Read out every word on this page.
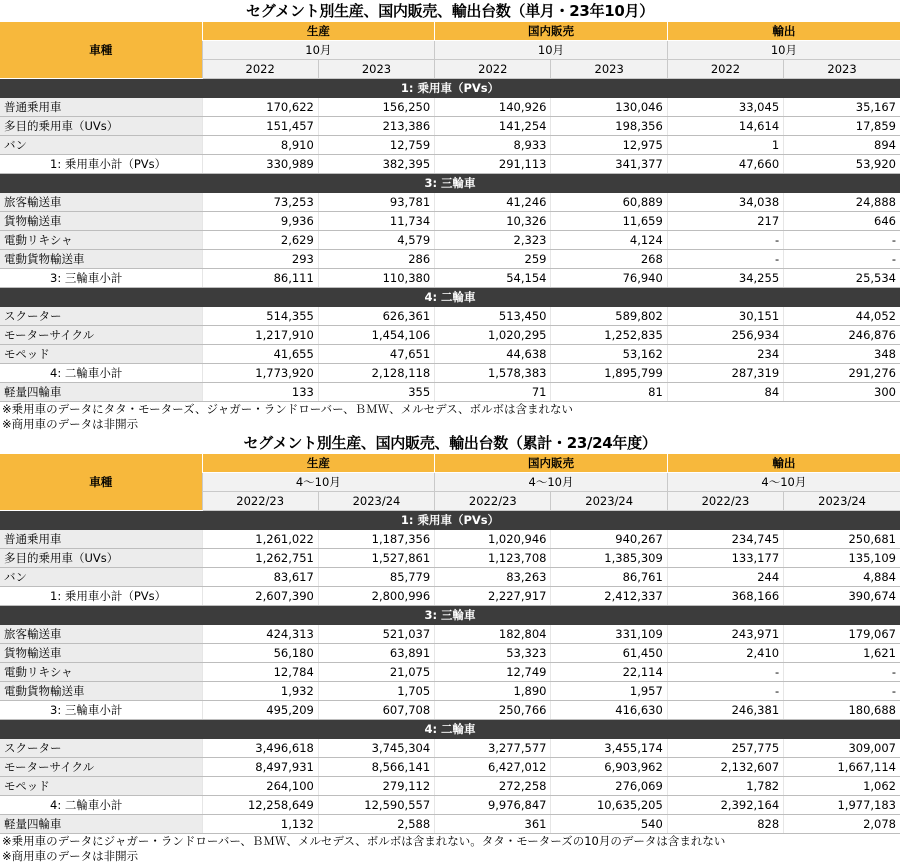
セグメント別生産、国内販売、輸出台数（単月・23年10月）
車種	生産		国内販売		輸出	
	10月		10月		10月	
	2022	2023	2022	2023	2022	2023
1: 乗用車（PVs）						
普通乗用車	170,622	156,250	140,926	130,046	33,045	35,167
多目的乗用車（UVs）	151,457	213,386	141,254	198,356	14,614	17,859
バン	8,910	12,759	8,933	12,975	1	894
1: 乗用車小計（PVs）	330,989	382,395	291,113	341,377	47,660	53,920
3: 三輪車						
旅客輸送車	73,253	93,781	41,246	60,889	34,038	24,888
貨物輸送車	9,936	11,734	10,326	11,659	217	646
電動リキシャ	2,629	4,579	2,323	4,124	-	-
電動貨物輸送車	293	286	259	268	-	-
3: 三輪車小計	86,111	110,380	54,154	76,940	34,255	25,534
4: 二輪車						
スクーター	514,355	626,361	513,450	589,802	30,151	44,052
モーターサイクル	1,217,910	1,454,106	1,020,295	1,252,835	256,934	246,876
モペッド	41,655	47,651	44,638	53,162	234	348
4: 二輪車小計	1,773,920	2,128,118	1,578,383	1,895,799	287,319	291,276
軽量四輪車	133	355	71	81	84	300
※乗用車のデータにタタ・モーターズ、ジャガー・ランドローバー、ＢＭＷ、メルセデス、ボルボは含まれない
※商用車のデータは非開示
セグメント別生産、国内販売、輸出台数（累計・23/24年度）
車種	生産		国内販売		輸出	
	4〜10月		4〜10月		4〜10月	
	2022/23	2023/24	2022/23	2023/24	2022/23	2023/24
1: 乗用車（PVs）						
普通乗用車	1,261,022	1,187,356	1,020,946	940,267	234,745	250,681
多目的乗用車（UVs）	1,262,751	1,527,861	1,123,708	1,385,309	133,177	135,109
バン	83,617	85,779	83,263	86,761	244	4,884
1: 乗用車小計（PVs）	2,607,390	2,800,996	2,227,917	2,412,337	368,166	390,674
3: 三輪車						
旅客輸送車	424,313	521,037	182,804	331,109	243,971	179,067
貨物輸送車	56,180	63,891	53,323	61,450	2,410	1,621
電動リキシャ	12,784	21,075	12,749	22,114	-	-
電動貨物輸送車	1,932	1,705	1,890	1,957	-	-
3: 三輪車小計	495,209	607,708	250,766	416,630	246,381	180,688
4: 二輪車						
スクーター	3,496,618	3,745,304	3,277,577	3,455,174	257,775	309,007
モーターサイクル	8,497,931	8,566,141	6,427,012	6,903,962	2,132,607	1,667,114
モペッド	264,100	279,112	272,258	276,069	1,782	1,062
4: 二輪車小計	12,258,649	12,590,557	9,976,847	10,635,205	2,392,164	1,977,183
軽量四輪車	1,132	2,588	361	540	828	2,078
※乗用車のデータにジャガー・ランドローバー、ＢＭＷ、メルセデス、ボルボは含まれない。タタ・モーターズの10月のデータは含まれない
※商用車のデータは非開示
